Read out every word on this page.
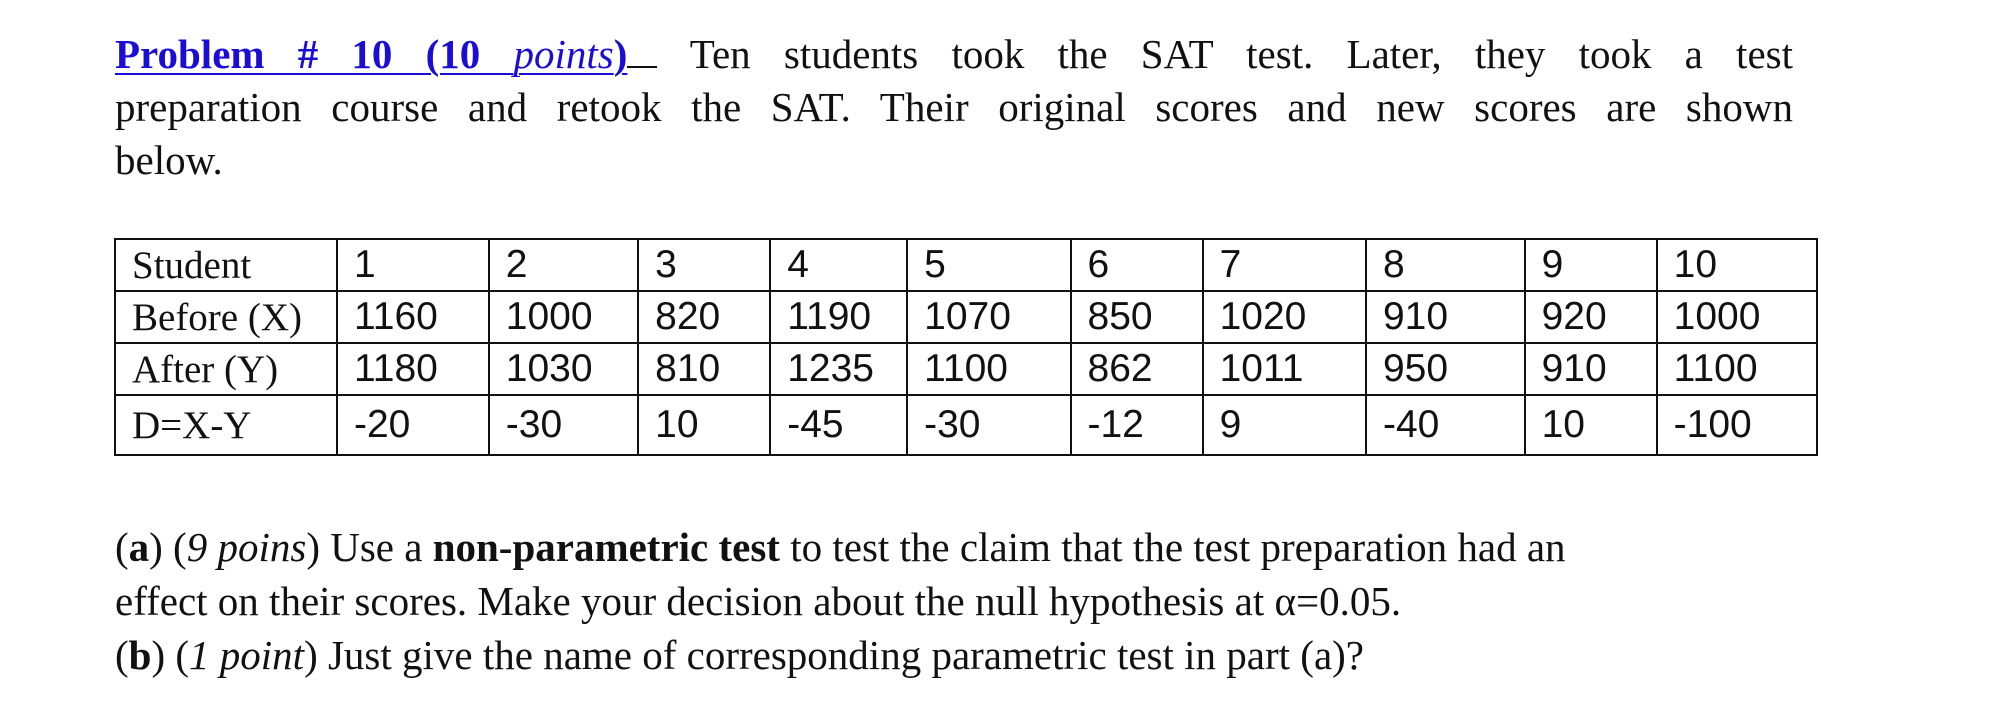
Problem # 10 (10 points) Ten students took the SAT test. Later, they took a test
preparation course and retook the SAT. Their original scores and new scores are shown
below.
Student	1	2	3	4	5	6	7	8	9	10
Before (X)	1160	1000	820	1190	1070	850	1020	910	920	1000
After (Y)	1180	1030	810	1235	1100	862	1011	950	910	1100
D=X-Y	-20	-30	10	-45	-30	-12	9	-40	10	-100
(a) (9 poins) Use a non-parametric test to test the claim that the test preparation had an
effect on their scores. Make your decision about the null hypothesis at α=0.05.
(b) (1 point) Just give the name of corresponding parametric test in part (a)?
